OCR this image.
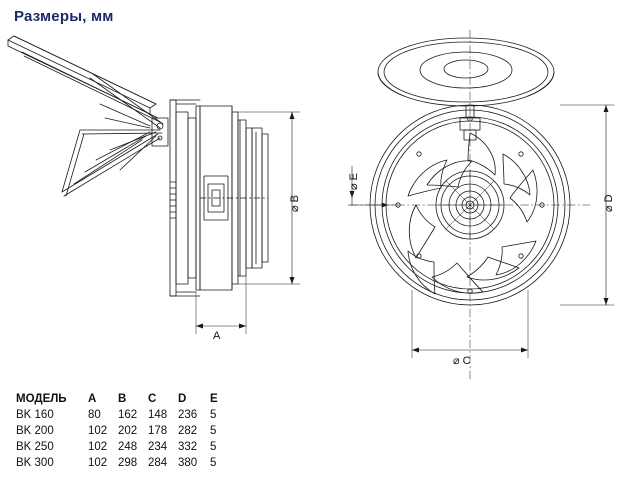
Размеры, мм
⌀ B
A
⌀ E
⌀ D
⌀ C
МОДЕЛЬ	A	B	C	D	E
BK 160	80	162	148	236	5
BK 200	102	202	178	282	5
BK 250	102	248	234	332	5
BK 300	102	298	284	380	5
